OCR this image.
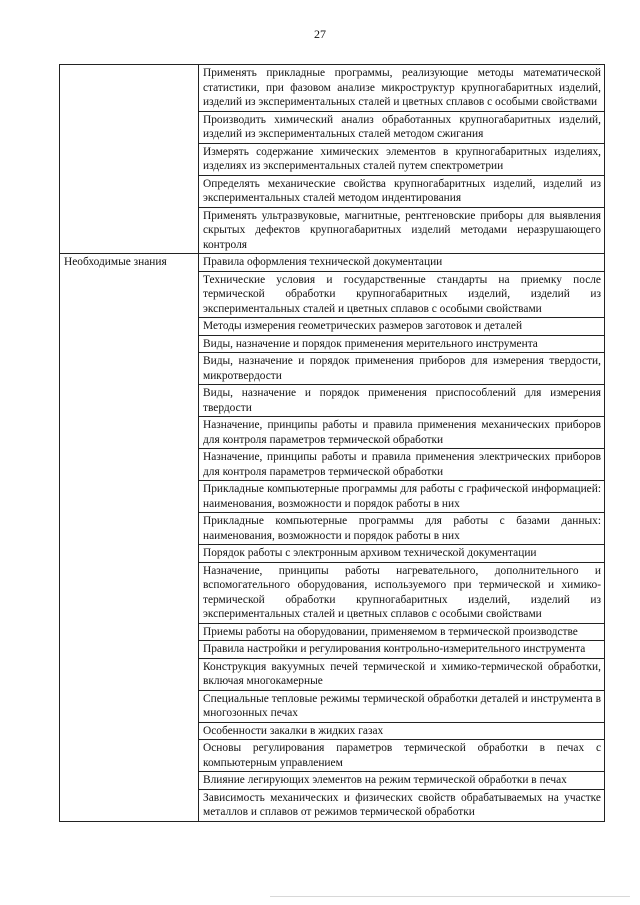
27
	Применять прикладные программы, реализующие методы математической статистики, при фазовом анализе микроструктур крупногабаритных изделий, изделий из экспериментальных сталей и цветных сплавов с особыми свойствами
	Производить химический анализ обработанных крупногабаритных изделий, изделий из экспериментальных сталей методом сжигания
	Измерять содержание химических элементов в крупногабаритных изделиях, изделиях из экспериментальных сталей путем спектрометрии
	Определять механические свойства крупногабаритных изделий, изделий из экспериментальных сталей методом индентирования
	Применять ультразвуковые, магнитные, рентгеновские приборы для выявления скрытых дефектов крупногабаритных изделий методами неразрушающего контроля
Необходимые знания	Правила оформления технической документации
	Технические условия и государственные стандарты на приемку после термической обработки крупногабаритных изделий, изделий из экспериментальных сталей и цветных сплавов с особыми свойствами
	Методы измерения геометрических размеров заготовок и деталей
	Виды, назначение и порядок применения мерительного инструмента
	Виды, назначение и порядок применения приборов для измерения твердости, микротвердости
	Виды, назначение и порядок применения приспособлений для измерения твердости
	Назначение, принципы работы и правила применения механических приборов для контроля параметров термической обработки
	Назначение, принципы работы и правила применения электрических приборов для контроля параметров термической обработки
	Прикладные компьютерные программы для работы с графической информацией: наименования, возможности и порядок работы в них
	Прикладные компьютерные программы для работы с базами данных: наименования, возможности и порядок работы в них
	Порядок работы с электронным архивом технической документации
	Назначение, принципы работы нагревательного, дополнительного и вспомогательного оборудования, используемого при термической и химико-термической обработки крупногабаритных изделий, изделий из экспериментальных сталей и цветных сплавов с особыми свойствами
	Приемы работы на оборудовании, применяемом в термической производстве
	Правила настройки и регулирования контрольно-измерительного инструмента
	Конструкция вакуумных печей термической и химико-термической обработки, включая многокамерные
	Специальные тепловые режимы термической обработки деталей и инструмента в многозонных печах
	Особенности закалки в жидких газах
	Основы регулирования параметров термической обработки в печах с компьютерным управлением
	Влияние легирующих элементов на режим термической обработки в печах
	Зависимость механических и физических свойств обрабатываемых на участке металлов и сплавов от режимов термической обработки
